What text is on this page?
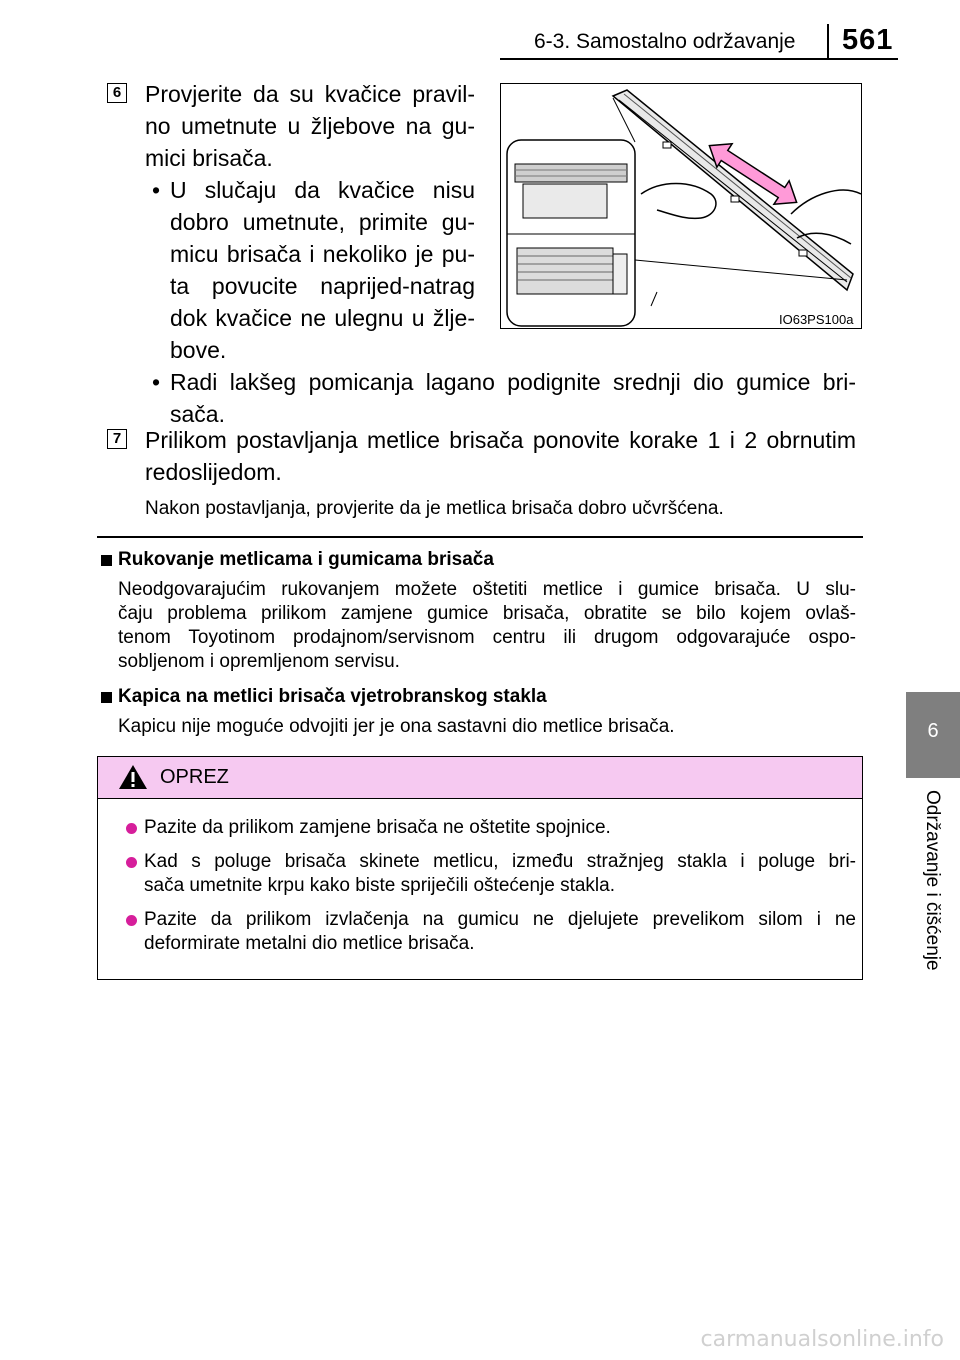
6-3. Samostalno održavanje 561
6
Održavanje i čišćenje
6 Provjerite da su kvačice pravil-
no umetnute u žljebove na gu-
mici brisača.
• U slučaju da kvačice nisu
dobro umetnute, primite gu-
micu brisača i nekoliko je pu-
ta povucite naprijed-natrag
dok kvačice ne ulegnu u žlje-
bove.
• Radi lakšeg pomicanja lagano podignite srednji dio gumice bri-
sača.
IO63PS100a
7 Prilikom postavljanja metlice brisača ponovite korake 1 i 2 obrnutim
redoslijedom.
Nakon postavljanja, provjerite da je metlica brisača dobro učvršćena.
Rukovanje metlicama i gumicama brisača
Neodgovarajućim rukovanjem možete oštetiti metlice i gumice brisača. U slu-
čaju problema prilikom zamjene gumice brisača, obratite se bilo kojem ovlaš-
tenom Toyotinom prodajnom/servisnom centru ili drugom odgovarajuće ospo-
sobljenom i opremljenom servisu.
Kapica na metlici brisača vjetrobranskog stakla
Kapicu nije moguće odvojiti jer je ona sastavni dio metlice brisača.
OPREZ
Pazite da prilikom zamjene brisača ne oštetite spojnice.
Kad s poluge brisača skinete metlicu, između stražnjeg stakla i poluge bri-
sača umetnite krpu kako biste spriječili oštećenje stakla.
Pazite da prilikom izvlačenja na gumicu ne djelujete prevelikom silom i ne
deformirate metalni dio metlice brisača.
carmanualsonline.info
